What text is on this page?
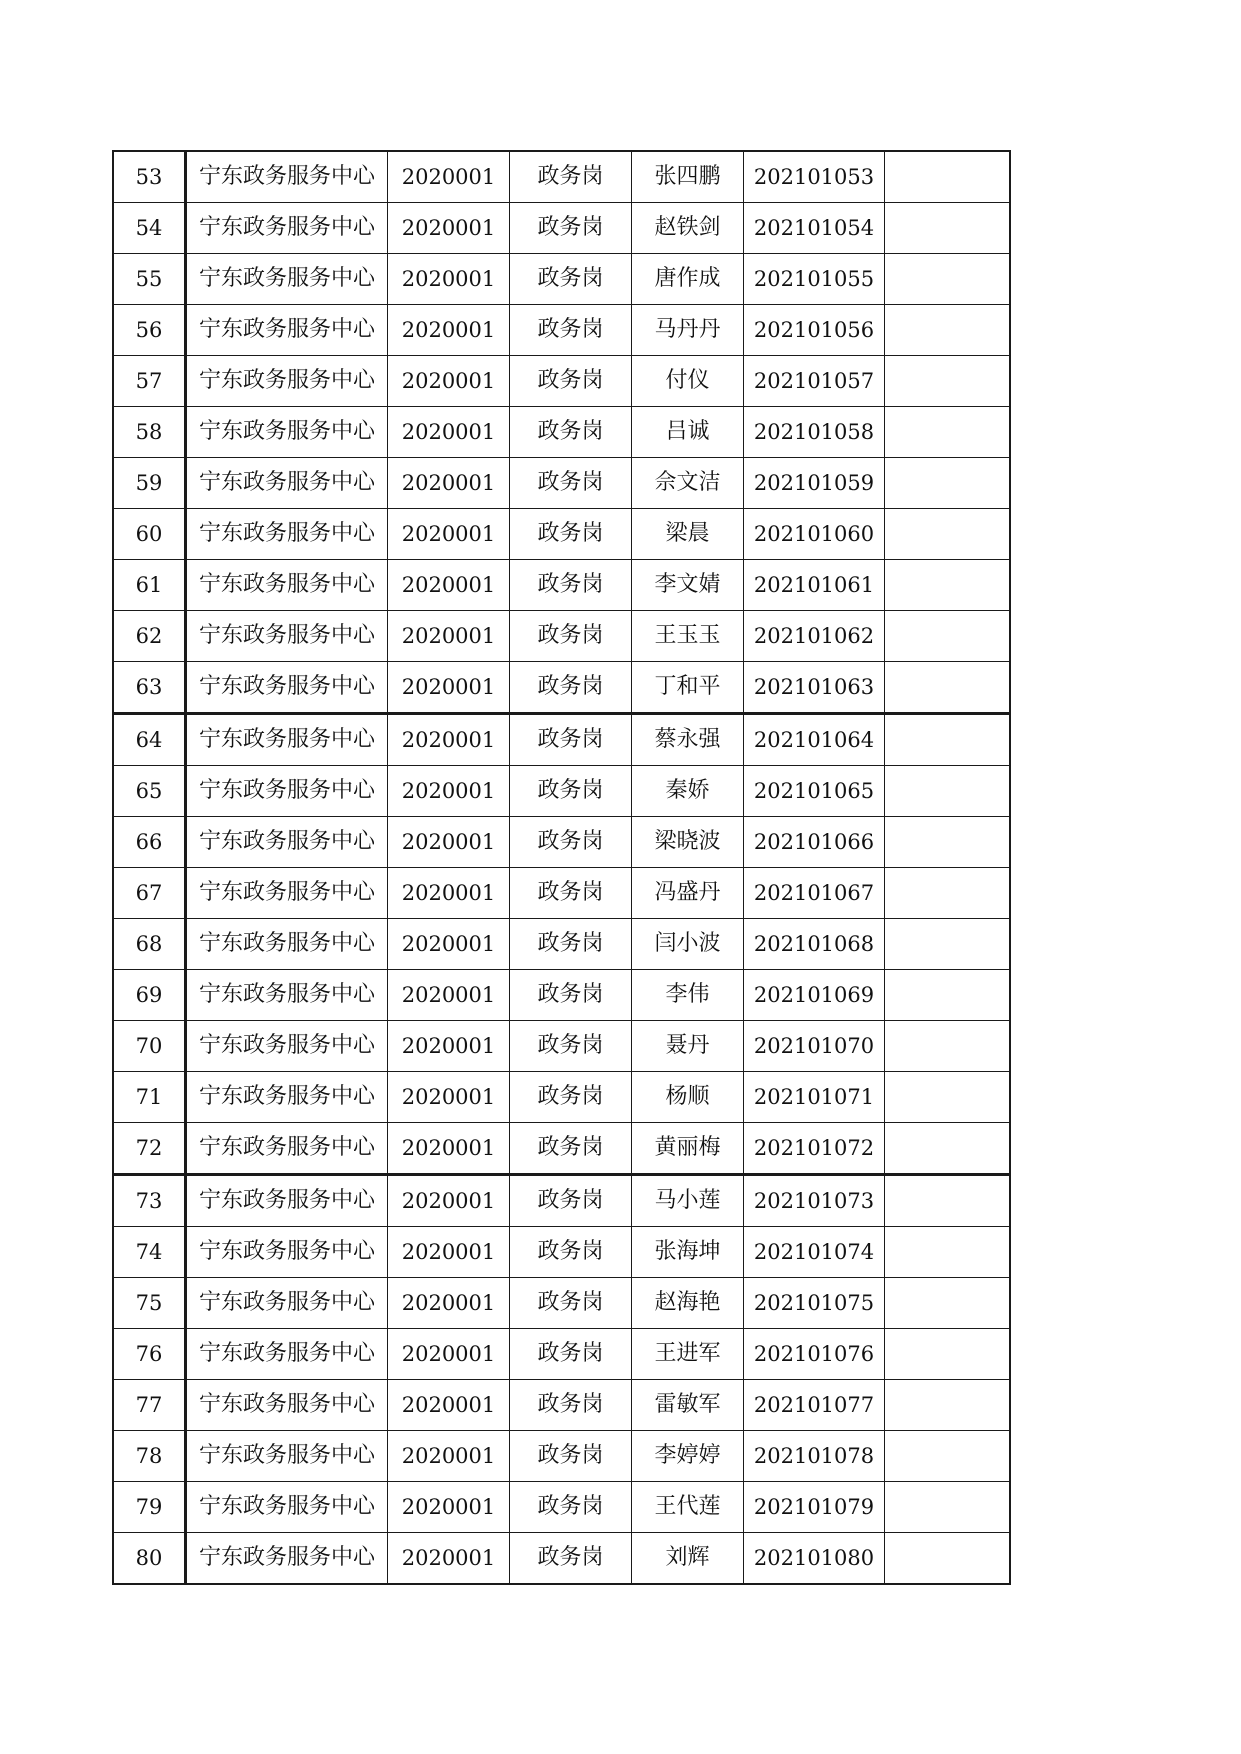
53	宁东政务服务中心	2020001	政务岗	张四鹏	202101053	
54	宁东政务服务中心	2020001	政务岗	赵铁剑	202101054	
55	宁东政务服务中心	2020001	政务岗	唐作成	202101055	
56	宁东政务服务中心	2020001	政务岗	马丹丹	202101056	
57	宁东政务服务中心	2020001	政务岗	付仪	202101057	
58	宁东政务服务中心	2020001	政务岗	吕诚	202101058	
59	宁东政务服务中心	2020001	政务岗	佘文洁	202101059	
60	宁东政务服务中心	2020001	政务岗	梁晨	202101060	
61	宁东政务服务中心	2020001	政务岗	李文婧	202101061	
62	宁东政务服务中心	2020001	政务岗	王玉玉	202101062	
63	宁东政务服务中心	2020001	政务岗	丁和平	202101063	
64	宁东政务服务中心	2020001	政务岗	蔡永强	202101064	
65	宁东政务服务中心	2020001	政务岗	秦娇	202101065	
66	宁东政务服务中心	2020001	政务岗	梁晓波	202101066	
67	宁东政务服务中心	2020001	政务岗	冯盛丹	202101067	
68	宁东政务服务中心	2020001	政务岗	闫小波	202101068	
69	宁东政务服务中心	2020001	政务岗	李伟	202101069	
70	宁东政务服务中心	2020001	政务岗	聂丹	202101070	
71	宁东政务服务中心	2020001	政务岗	杨顺	202101071	
72	宁东政务服务中心	2020001	政务岗	黄丽梅	202101072	
73	宁东政务服务中心	2020001	政务岗	马小莲	202101073	
74	宁东政务服务中心	2020001	政务岗	张海坤	202101074	
75	宁东政务服务中心	2020001	政务岗	赵海艳	202101075	
76	宁东政务服务中心	2020001	政务岗	王进军	202101076	
77	宁东政务服务中心	2020001	政务岗	雷敏军	202101077	
78	宁东政务服务中心	2020001	政务岗	李婷婷	202101078	
79	宁东政务服务中心	2020001	政务岗	王代莲	202101079	
80	宁东政务服务中心	2020001	政务岗	刘辉	202101080	
